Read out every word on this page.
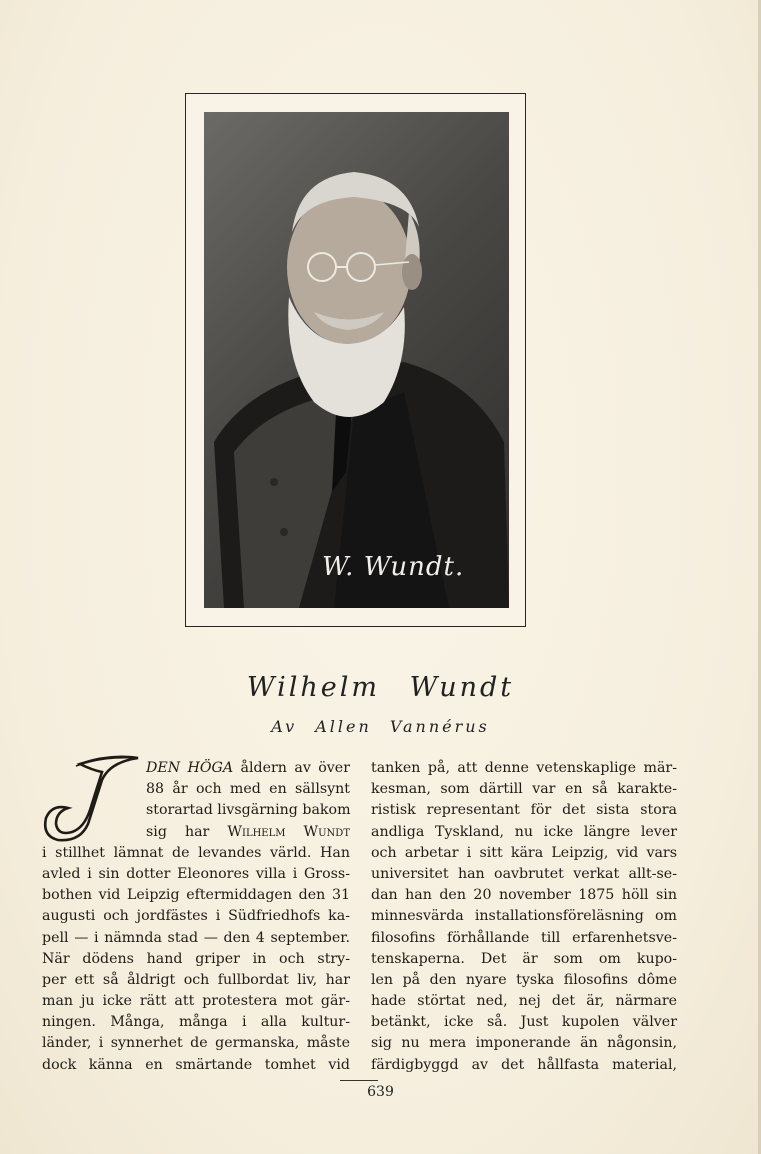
W. Wundt.
Wilhelm Wundt
Av Allen Vannérus
DEN HÖGA åldern av över
88 år och med en sällsynt
storartad livsgärning bakom
sig har Wilhelm Wundt
i stillhet lämnat de levandes värld. Han
avled i sin dotter Eleonores villa i Gross-
bothen vid Leipzig eftermiddagen den 31
augusti och jordfästes i Südfriedhofs ka-
pell — i nämnda stad — den 4 september.
När dödens hand griper in och stry-
per ett så åldrigt och fullbordat liv, har
man ju icke rätt att protestera mot gär-
ningen. Många, många i alla kultur-
länder, i synnerhet de germanska, måste
dock känna en smärtande tomhet vid
tanken på, att denne vetenskaplige mär-
kesman, som därtill var en så karakte-
ristisk representant för det sista stora
andliga Tyskland, nu icke längre lever
och arbetar i sitt kära Leipzig, vid vars
universitet han oavbrutet verkat allt-se-
dan han den 20 november 1875 höll sin
minnesvärda installationsföreläsning om
filosofins förhållande till erfarenhetsve-
tenskaperna. Det är som om kupo-
len på den nyare tyska filosofins dôme
hade störtat ned, nej det är, närmare
betänkt, icke så. Just kupolen välver
sig nu mera imponerande än någonsin,
färdigbyggd av det hållfasta material,
639
